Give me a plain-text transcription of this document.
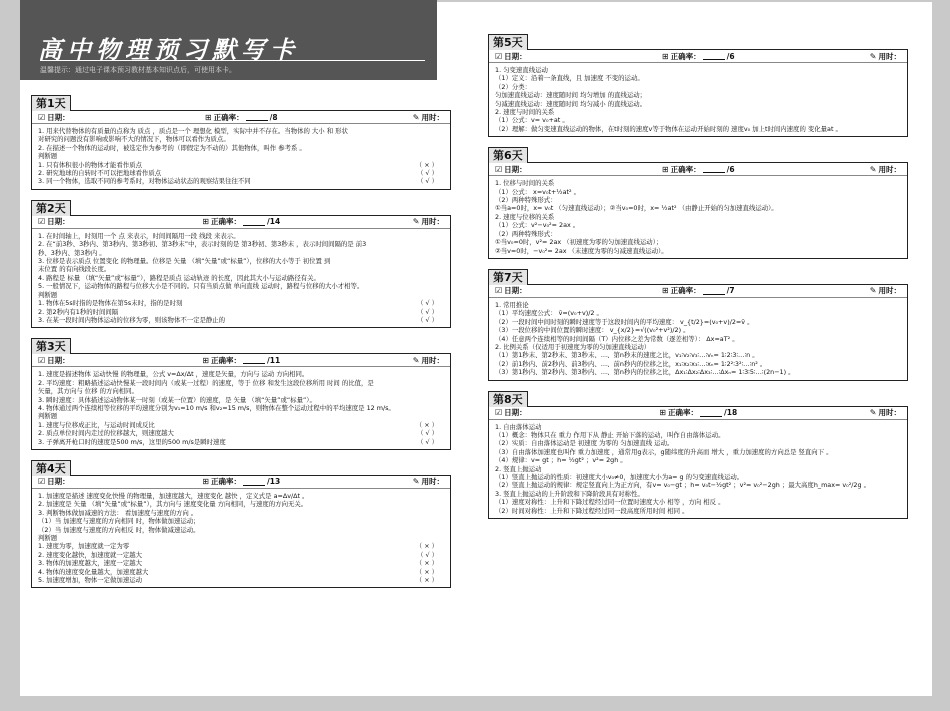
高中物理预习默写卡
温馨提示：通过电子课本预习教材基本知识点后，可使用本卡。
第1天
☑ 日期：	⊞ 正确率：	/8	✎ 用时：

1. 用来代替物体的有质量的点称为 质点 ，质点是一个 理想化 模型，实际中并不存在。当物体的 大小 和 形状

对研究的问题没有影响或影响不大的情况下，物体可以看作为质点。

2. 在描述一个物体的运动时，被选定作为参考的（即假定为不动的）其他物体，叫作 参考系 。

判断题

1. 只有体积很小的物体才能看作质点	（ × ）

2. 研究地球的自转时不可以把地球看作质点	（ √ ）

3. 同一个物体，选取不同的参考系时，对物体运动状态的观察结果往往不同	（ √ ）

第2天
☑ 日期：	⊞ 正确率：	/14	✎ 用时：

1. 在时间轴上，时刻用一个 点 来表示，时间间隔用一段 线段 来表示。

2. 在“前3秒、3秒内、第3秒内、第3秒初、第3秒末”中，表示时刻的是 第3秒初、第3秒末 ，表示时间间隔的是 前3

秒、3秒内、第3秒内 。

3. 位移是表示质点 位置变化 的物理量。位移是 矢量 （填“矢量”或“标量”），位移的大小等于 初位置 到

末位置 的有向线段长度。

4. 路程是 标量 （填“矢量”或“标量”），路程是质点 运动轨迹 的长度，因此其大小与运动路径有关。

5. 一般情况下，运动物体的路程与位移大小是不同的。只有当质点做 单向直线 运动时，路程与位移的大小才相等。

判断题

1. 物体在5s时指的是物体在第5s末时，指的是时刻	（ √ ）

2. 第2秒内有1秒的时间间隔	（ √ ）

3. 在某一段时间内物体运动的位移为零，则该物体不一定是静止的	（ √ ）

第3天
☑ 日期：	⊞ 正确率：	/11	✎ 用时：

1. 速度是描述物体 运动快慢 的物理量，公式 v=Δx/Δt ，速度是矢量，方向与 运动 方向相同。

2. 平均速度：粗略描述运动快慢某一段时间内（或某一过程）的速度，等于 位移 和发生这段位移所用 时间 的比值，是

矢量，其方向与 位移 的方向相同。

3. 瞬时速度：具体描述运动物体某一时刻（或某一位置）的速度，是 矢量 （填“矢量”或“标量”）。

4. 物体通过两个连续相等位移的平均速度分别为v₁=10 m/s 和v₂=15 m/s，则物体在整个运动过程中的平均速度是 12 m/s。

判断题

1. 速度与位移成正比，与运动时间成反比	（ × ）

2. 质点单位时间内走过的位移越大，则速度越大	（ √ ）

3. 子弹离开枪口时的速度是500 m/s，这里的500 m/s是瞬时速度	（ √ ）

第4天
☑ 日期：	⊞ 正确率：	/13	✎ 用时：

1. 加速度是描述 速度变化快慢 的物理量，加速度越大，速度变化 越快 ，定义式是 a=Δv/Δt 。

2. 加速度是 矢量 （填“矢量”或“标量”），其方向与 速度变化量 方向相同，与速度的方向无关。

3. 判断物体做加减速的方法： 看加速度与速度的方向 。

（1）当 加速度与速度的方向相同 时，物体做加速运动；

（2）当 加速度与速度的方向相反 时，物体做减速运动。

判断题

1. 速度为零，加速度就一定为零	（ × ）

2. 速度变化越快，加速度就一定越大	（ √ ）

3. 物体的加速度越大，速度一定越大	（ × ）

4. 物体的速度变化量越大，加速度越大	（ × ）

5. 加速度增加，物体一定做加速运动	（ × ）

第5天
☑ 日期：	⊞ 正确率：	/6	✎ 用时：

1. 匀变速直线运动

（1）定义：沿着一条直线，且 加速度 不变的运动。

（2）分类：

匀加速直线运动：速度随时间 均匀增加 的直线运动；

匀减速直线运动：速度随时间 均匀减小 的直线运动。

2. 速度与时间的关系

（1）公式：v= v₀+at 。

（2）理解：做匀变速直线运动的物体，在t时刻的速度v等于物体在运动开始时刻的 速度v₀ 加上t时间内速度的 变化量at 。

第6天
☑ 日期：	⊞ 正确率：	/6	✎ 用时：

1. 位移与时间的关系

（1）公式： x=v₀t+½at² 。

（2）两种特殊形式：

①当a=0时，x= v₀t （匀速直线运动）；②当v₀=0时，x= ½at² （由静止开始的匀加速直线运动）。

2. 速度与位移的关系

（1）公式：v²−v₀²= 2ax 。

（2）两种特殊形式：

①当v₀=0时，v²= 2ax （初速度为零的匀加速直线运动）；

②当v=0时，−v₀²= 2ax （末速度为零的匀减速直线运动）。

第7天
☑ 日期：	⊞ 正确率：	/7	✎ 用时：

1. 常用推论

（1）平均速度公式： v̄=(v₀+v)/2 。

（2）一段时间中间时刻的瞬时速度等于这段时间内的平均速度： v_{t/2}=(v₀+v)/2=v̄ 。

（3）一段位移的中间位置的瞬时速度： v_{x/2}=√((v₀²+v²)/2) 。

（4）任意两个连续相等的时间间隔（T）内位移之差为常数（逐差相等）： Δx=aT² 。

2. 比例关系（仅适用于初速度为零的匀加速直线运动）

（1）第1秒末、第2秒末、第3秒末、…、第n秒末的速度之比，v₁∶v₂∶v₃∶…∶vₙ= 1∶2∶3∶…∶n 。

（2）前1秒内、前2秒内、前3秒内、…、前n秒内的位移之比，x₁∶x₂∶x₃∶…∶xₙ= 1∶2²∶3²∶…∶n² 。

（3）第1秒内、第2秒内、第3秒内、…、第n秒内的位移之比，Δx₁∶Δx₂∶Δx₃∶…∶Δxₙ= 1∶3∶5∶…∶(2n−1) 。

第8天
☑ 日期：	⊞ 正确率：	/18	✎ 用时：

1. 自由落体运动

（1）概念：物体只在 重力 作用下从 静止 开始下落的运动，叫作自由落体运动。

（2）实质：自由落体运动是 初速度 为零的 匀加速直线 运动。

（3）自由落体加速度也叫作 重力加速度 ，通常用g表示，g随纬度的升高而 增大 ，重力加速度的方向总是 竖直向下 。

（4）规律：v= gt ；h= ½gt² ；v²= 2gh 。

2. 竖直上抛运动

（1）竖直上抛运动的性质：初速度大小v₀≠0，加速度大小为a= g 的匀变速直线运动。

（2）竖直上抛运动的规律：规定竖直向上为正方向，有v= v₀−gt ；h= v₀t−½gt² ；v²= v₀²−2gh ；最大高度h_max= v₀²/2g 。

3. 竖直上抛运动的上升阶段和下降阶段具有对称性。

（1）速度对称性：上升和下降过程经过同一位置时速度大小 相等 ，方向 相反 。

（2）时间对称性：上升和下降过程经过同一段高度所用时间 相同 。
